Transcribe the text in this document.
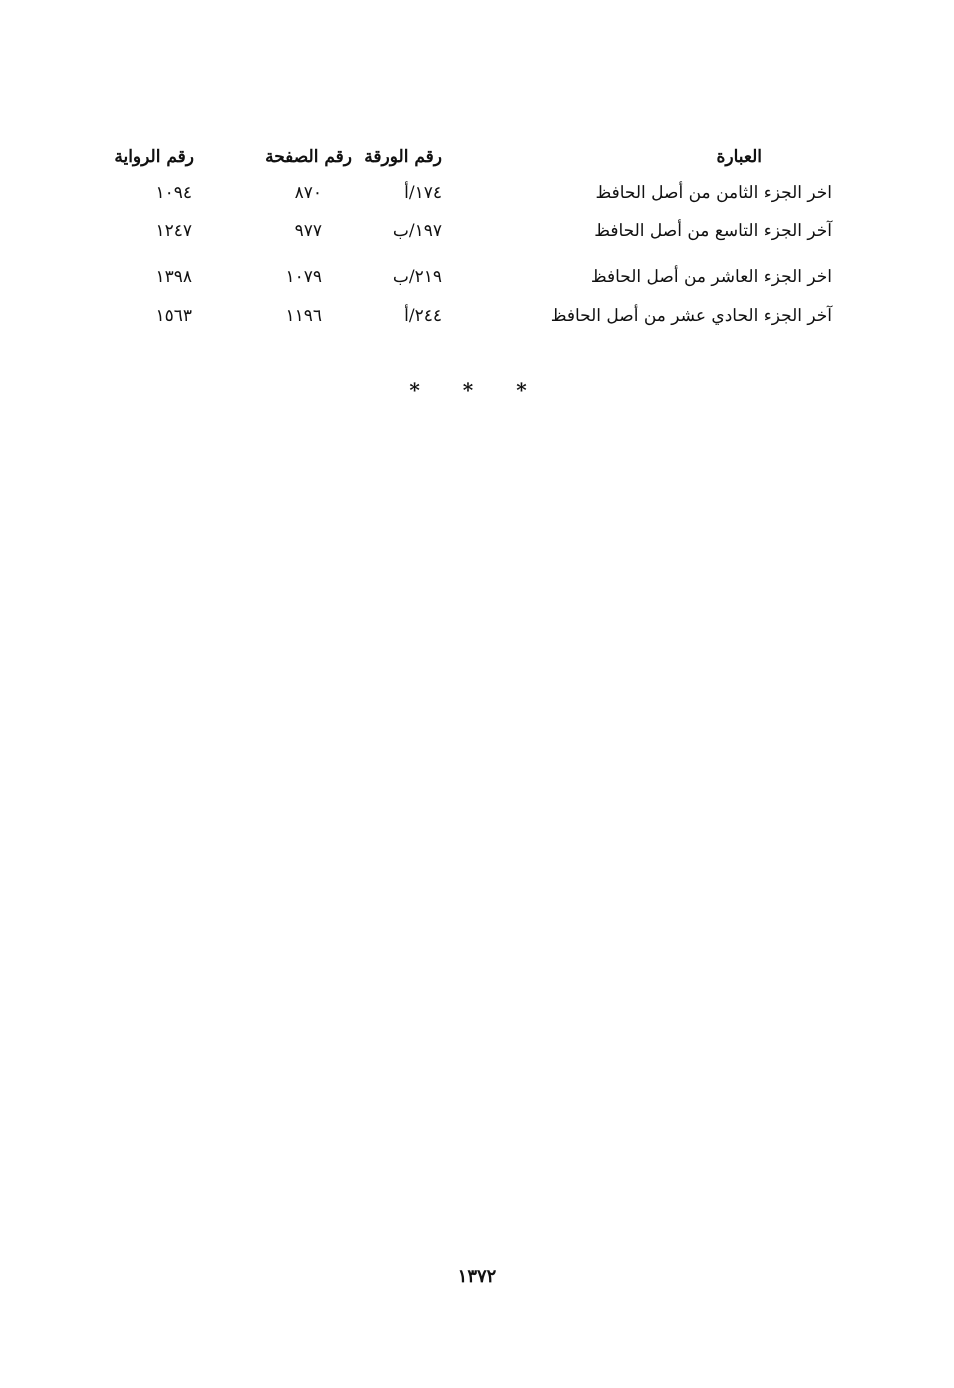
العبارة
رقم الورقة
رقم الصفحة
رقم الرواية
اخر الجزء الثامن من أصل الحافظ
١٧٤/أ
٨٧٠
١٠٩٤
آخر الجزء التاسع من أصل الحافظ
١٩٧/ب
٩٧٧
١٢٤٧
اخر الجزء العاشر من أصل الحافظ
٢١٩/ب
١٠٧٩
١٣٩٨
آخر الجزء الحادي عشر من أصل الحافظ
٢٤٤/أ
١١٩٦
١٥٦٣
* * *
١٣٧٢
